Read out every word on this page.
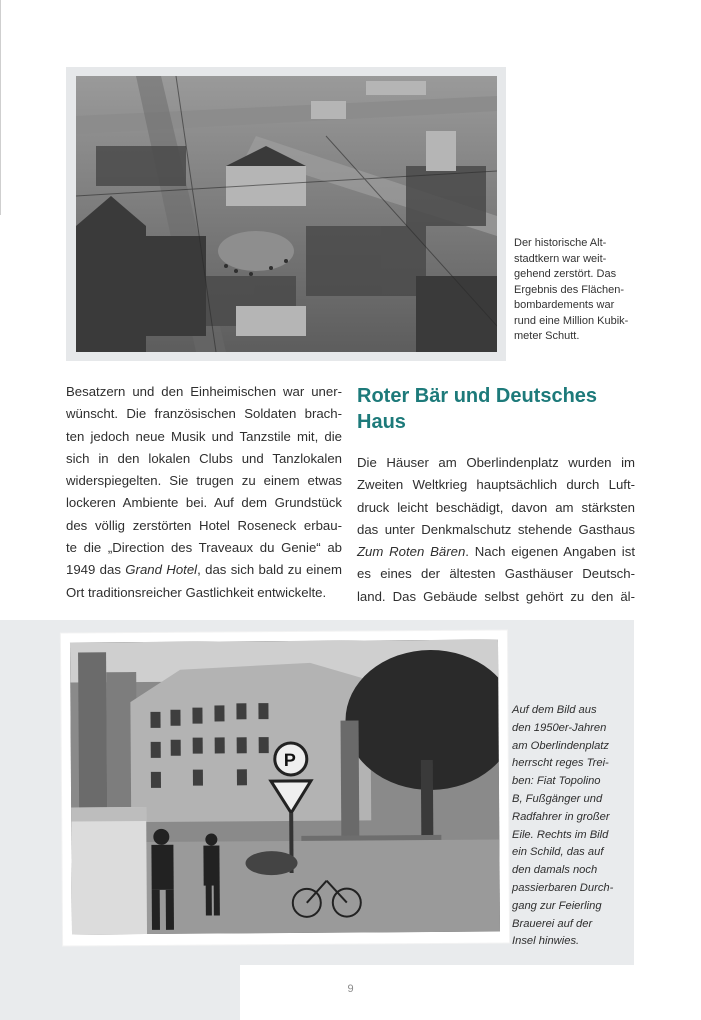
Der historische Alt-
stadtkern war weit-
gehend zerstört. Das
Ergebnis des Flächen-
bombardements war
rund eine Million Kubik-
meter Schutt.
Besatzern und den Einheimischen war uner-
wünscht. Die französischen Soldaten brach-
ten jedoch neue Musik und Tanzstile mit, die
sich in den lokalen Clubs und Tanzlokalen
widerspiegelten. Sie trugen zu einem etwas
lockeren Ambiente bei. Auf dem Grundstück
des völlig zerstörten Hotel Roseneck erbau-
te die „Direction des Traveaux du Genie“ ab
1949 das Grand Hotel, das sich bald zu einem
Ort traditionsreicher Gastlichkeit entwickelte.
Roter Bär und Deutsches
Haus
Die Häuser am Oberlindenplatz wurden im
Zweiten Weltkrieg hauptsächlich durch Luft-
druck leicht beschädigt, davon am stärksten
das unter Denkmalschutz stehende Gasthaus
Zum Roten Bären. Nach eigenen Angaben ist
es eines der ältesten Gasthäuser Deutsch-
land. Das Gebäude selbst gehört zu den äl-
P
Auf dem Bild aus
den 1950er-Jahren
am Oberlindenplatz
herrscht reges Trei-
ben: Fiat Topolino
B, Fußgänger und
Radfahrer in großer
Eile. Rechts im Bild
ein Schild, das auf
den damals noch
passierbaren Durch-
gang zur Feierling
Brauerei auf der
Insel hinwies.
9
